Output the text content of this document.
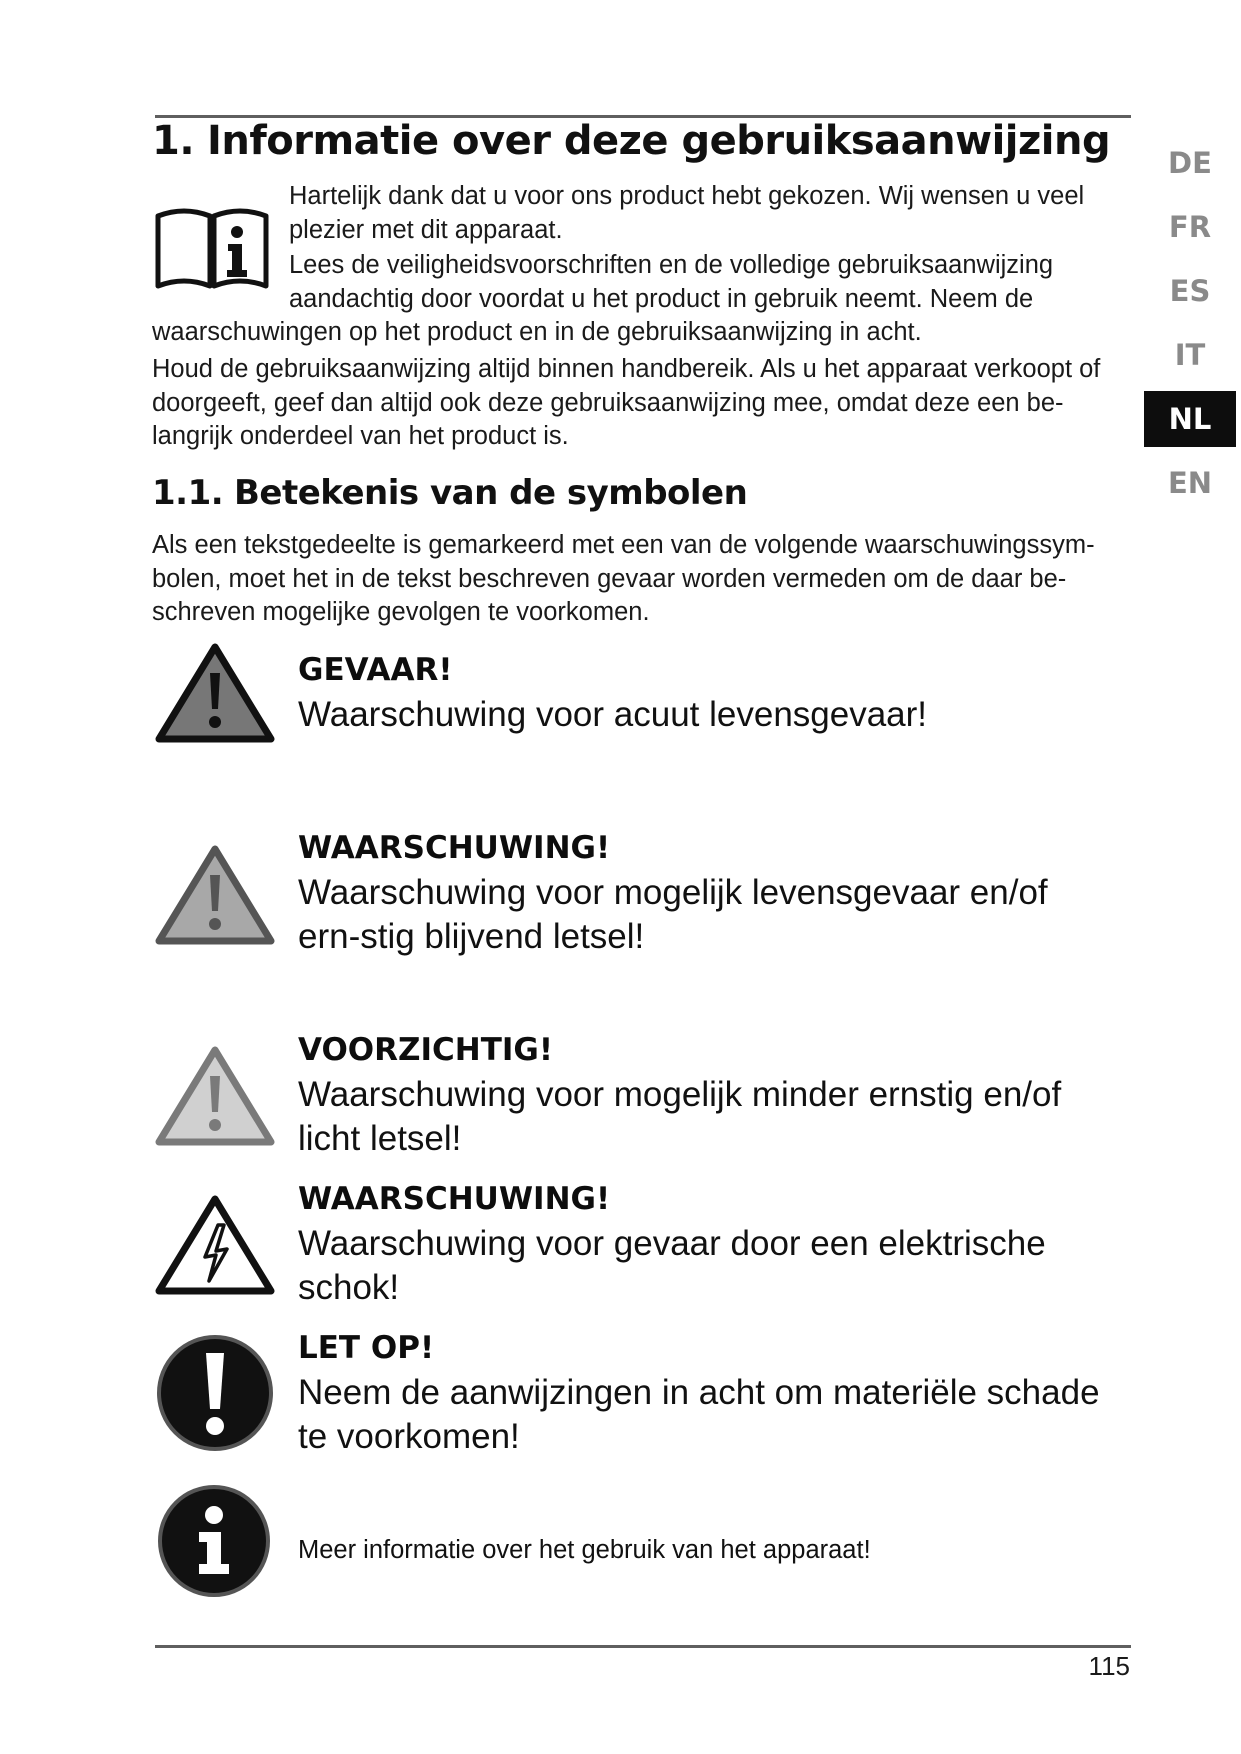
1. Informatie over deze gebruiksaanwijzing

Hartelijk dank dat u voor ons product hebt gekozen. Wij wensen u veel plezier met dit apparaat.

Lees de veiligheidsvoorschriften en de volledige gebruiksaanwijzing aandachtig door voordat u het product in gebruik neemt. Neem de

waarschuwingen op het product en in de gebruiksaanwijzing in acht.

Houd de gebruiksaanwijzing altijd binnen handbereik. Als u het apparaat verkoopt of doorgeeft, geef dan altijd ook deze gebruiksaanwijzing mee, omdat deze een be-langrijk onderdeel van het product is.

1.1. Betekenis van de symbolen

Als een tekstgedeelte is gemarkeerd met een van de volgende waarschuwingssym-bolen, moet het in de tekst beschreven gevaar worden vermeden om de daar be-schreven mogelijke gevolgen te voorkomen.

GEVAAR!

Waarschuwing voor acuut levensgevaar!

WAARSCHUWING!

Waarschuwing voor mogelijk levensgevaar en/of ern-stig blijvend letsel!

VOORZICHTIG!

Waarschuwing voor mogelijk minder ernstig en/of licht letsel!

WAARSCHUWING!

Waarschuwing voor gevaar door een elektrische schok!

LET OP!

Neem de aanwijzingen in acht om materiële schade te voorkomen!

Meer informatie over het gebruik van het apparaat!

DE
FR
ES
IT
NL
EN
115
